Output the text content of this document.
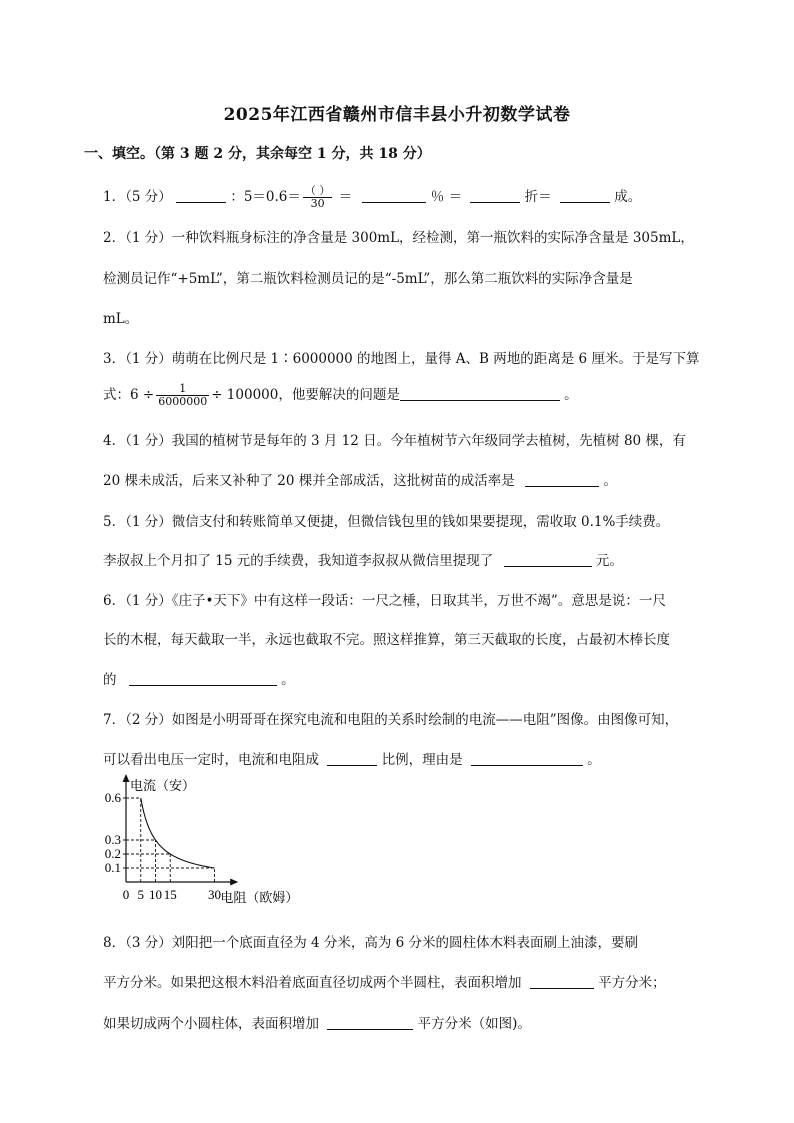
2025年江西省赣州市信丰县小升初数学试卷
一、填空。（第 3 题 2 分，其余每空 1 分，共 18 分）
1．（5 分）	：$5=0.6= \frac{( )}{30}$ ＝	％ ＝	折＝	成。
2．（1 分）一种饮料瓶身标注的净含量是 300mL，经检测，第一瓶饮料的实际净含量是 305mL，
检测员记作“+5mL”，第二瓶饮料检测员记的是“-5mL”，那么第二瓶饮料的实际净含量是
mL。
3．（1 分）萌萌在比例尺是 1∶6000000 的地图上，量得 A、B 两地的距离是 6 厘米。于是写下算
式：$6 \div \frac{1}{6000000} \div 100000$，他要解决的问题是	。
4．（1 分）我国的植树节是每年的 3 月 12 日。今年植树节六年级同学去植树，先植树 80 棵，有
20 棵未成活，后来又补种了 20 棵并全部成活，这批树苗的成活率是	。
5．（1 分）微信支付和转账简单又便捷，但微信钱包里的钱如果要提现，需收取 0.1%手续费。
李叔叔上个月扣了 15 元的手续费，我知道李叔叔从微信里提现了	元。
6．（1 分）《庄子•天下》中有这样一段话：一尺之棰，日取其半，万世不竭”。意思是说：一尺
长的木棍，每天截取一半，永远也截取不完。照这样推算，第三天截取的长度，占最初木棒长度
的	。
7．（2 分）如图是小明哥哥在探究电流和电阻的关系时绘制的电流——电阻”图像。由图像可知，
可以看出电压一定时，电流和电阻成	比例，理由是	。
0 5 10 15 30
0.6
0.3
0.2
0.1
电流（安）
电阻（欧姆）
8．（3 分）刘阳把一个底面直径为 4 分米，高为 6 分米的圆柱体木料表面刷上油漆，要刷
平方分米。如果把这根木料沿着底面直径切成两个半圆柱，表面积增加	平方分米；
如果切成两个小圆柱体，表面积增加	平方分米（如图)。
